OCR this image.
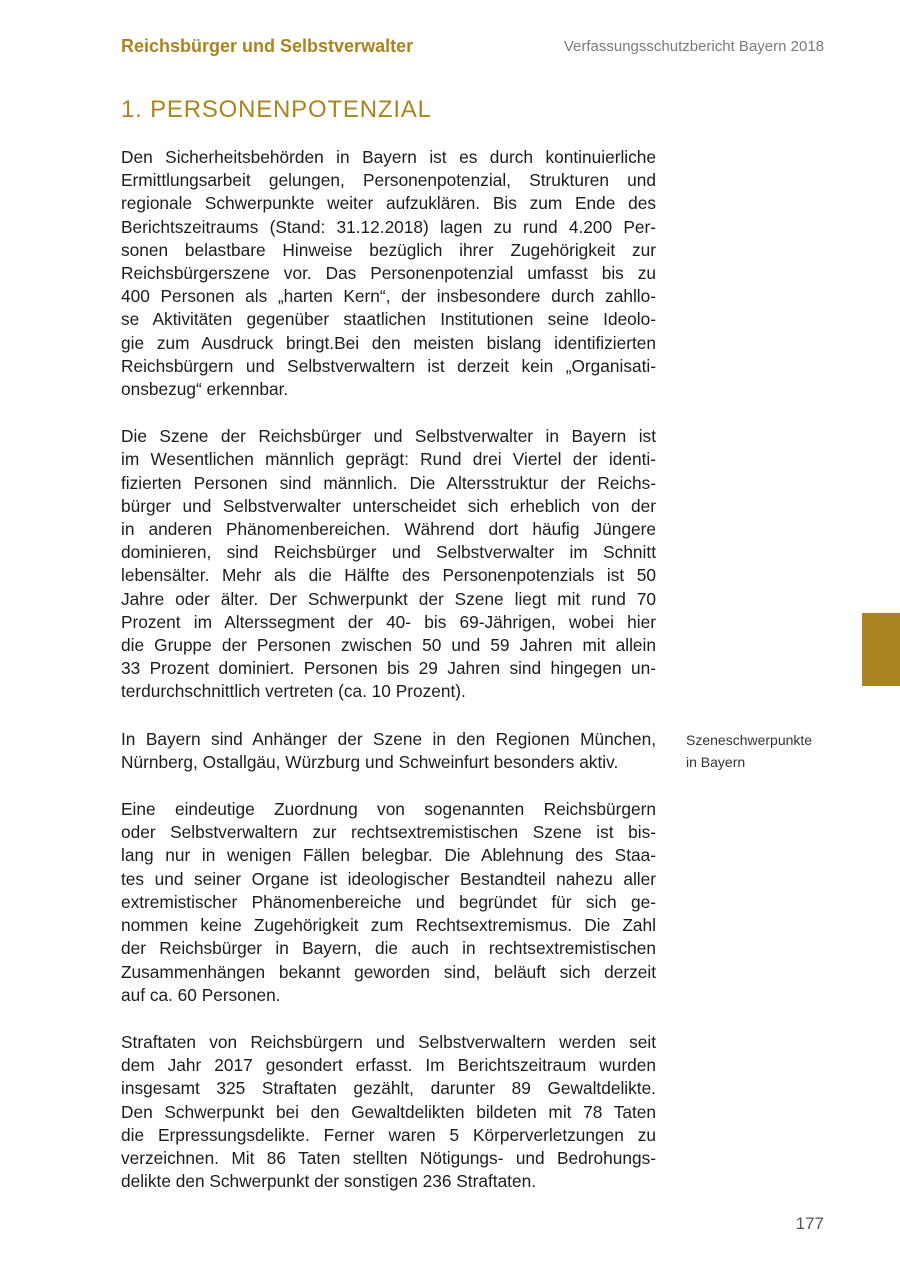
Reichsbürger und Selbstverwalter	Verfassungsschutzbericht Bayern 2018
1. PERSONENPOTENZIAL

Den Sicherheitsbehörden in Bayern ist es durch kontinuierliche
Ermittlungsarbeit gelungen, Personenpotenzial, Strukturen und
regionale Schwerpunkte weiter aufzuklären. Bis zum Ende des
Berichtszeitraums (Stand: 31.12.2018) lagen zu rund 4.200 Per-
sonen belastbare Hinweise bezüglich ihrer Zugehörigkeit zur
Reichsbürgerszene vor. Das Personenpotenzial umfasst bis zu
400 Personen als „harten Kern“, der insbesondere durch zahllo-
se Aktivitäten gegenüber staatlichen Institutionen seine Ideolo-
gie zum Ausdruck bringt.Bei den meisten bislang identifizierten
Reichsbürgern und Selbstverwaltern ist derzeit kein „Organisati-
onsbezug“ erkennbar.

Die Szene der Reichsbürger und Selbstverwalter in Bayern ist
im Wesentlichen männlich geprägt: Rund drei Viertel der identi-
fizierten Personen sind männlich. Die Altersstruktur der Reichs-
bürger und Selbstverwalter unterscheidet sich erheblich von der
in anderen Phänomenbereichen. Während dort häufig Jüngere
dominieren, sind Reichsbürger und Selbstverwalter im Schnitt
lebensälter. Mehr als die Hälfte des Personenpotenzials ist 50
Jahre oder älter. Der Schwerpunkt der Szene liegt mit rund 70
Prozent im Alterssegment der 40- bis 69-Jährigen, wobei hier
die Gruppe der Personen zwischen 50 und 59 Jahren mit allein
33 Prozent dominiert. Personen bis 29 Jahren sind hingegen un-
terdurchschnittlich vertreten (ca. 10 Prozent).

In Bayern sind Anhänger der Szene in den Regionen München,
Nürnberg, Ostallgäu, Würzburg und Schweinfurt besonders aktiv.

Eine eindeutige Zuordnung von sogenannten Reichsbürgern
oder Selbstverwaltern zur rechtsextremistischen Szene ist bis-
lang nur in wenigen Fällen belegbar. Die Ablehnung des Staa-
tes und seiner Organe ist ideologischer Bestandteil nahezu aller
extremistischer Phänomenbereiche und begründet für sich ge-
nommen keine Zugehörigkeit zum Rechtsextremismus. Die Zahl
der Reichsbürger in Bayern, die auch in rechtsextremistischen
Zusammenhängen bekannt geworden sind, beläuft sich derzeit
auf ca. 60 Personen.

Straftaten von Reichsbürgern und Selbstverwaltern werden seit
dem Jahr 2017 gesondert erfasst. Im Berichtszeitraum wurden
insgesamt 325 Straftaten gezählt, darunter 89 Gewaltdelikte.
Den Schwerpunkt bei den Gewaltdelikten bildeten mit 78 Taten
die Erpressungsdelikte. Ferner waren 5 Körperverletzungen zu
verzeichnen. Mit 86 Taten stellten Nötigungs- und Bedrohungs-
delikte den Schwerpunkt der sonstigen 236 Straftaten.

Szeneschwerpunkte
in Bayern
177
